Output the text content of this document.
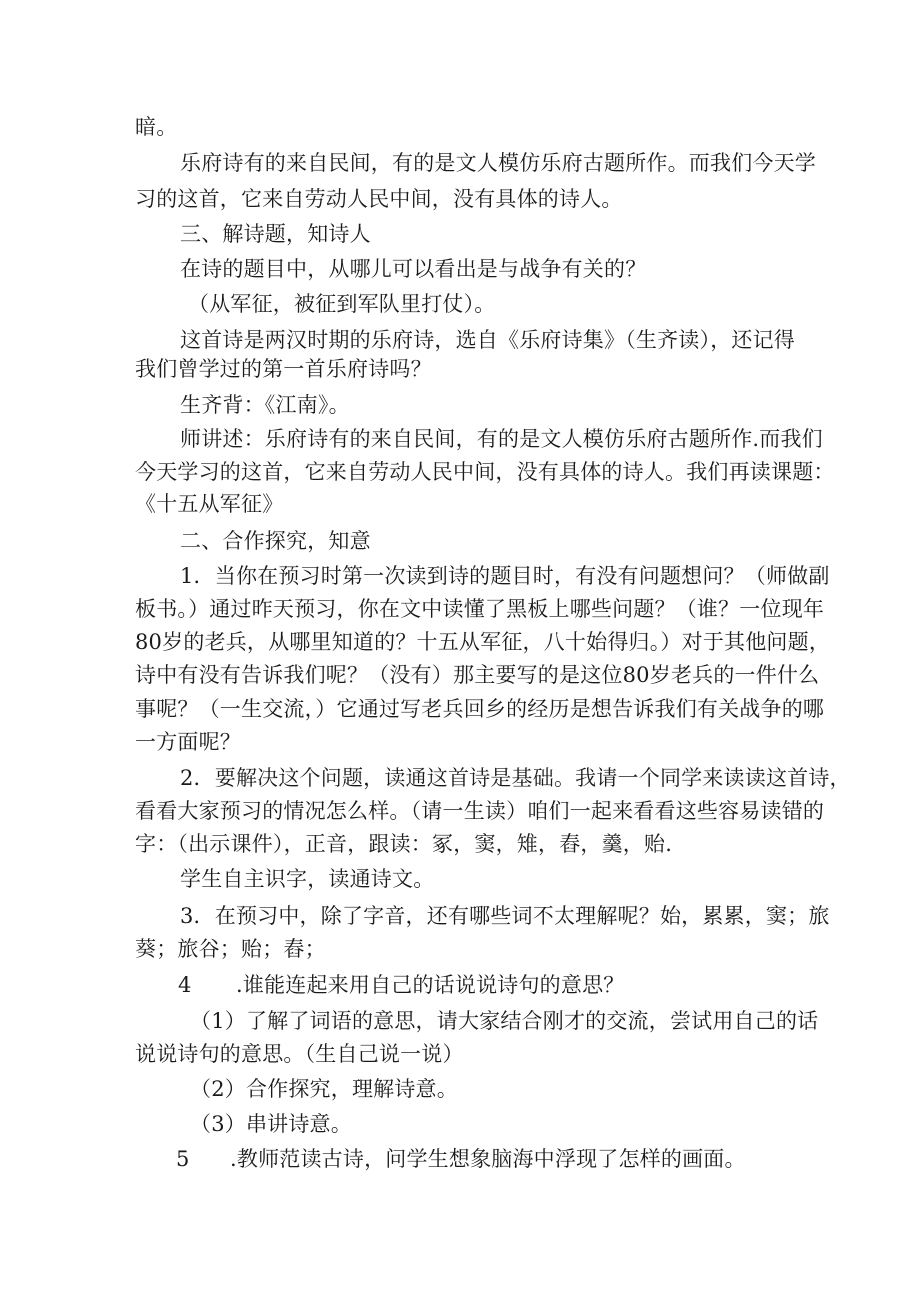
暗。
乐府诗有的来自民间，有的是文人模仿乐府古题所作。而我们今天学
习的这首，它来自劳动人民中间，没有具体的诗人。
三、解诗题，知诗人
在诗的题目中，从哪儿可以看出是与战争有关的？
（从军征，被征到军队里打仗）。
这首诗是两汉时期的乐府诗，选自《乐府诗集》（生齐读），还记得
我们曾学过的第一首乐府诗吗？
生齐背：《江南》。
师讲述：乐府诗有的来自民间，有的是文人模仿乐府古题所作.而我们
今天学习的这首，它来自劳动人民中间，没有具体的诗人。我们再读课题：
《十五从军征》
二、合作探究，知意
1．当你在预习时第一次读到诗的题目时，有没有问题想问？（师做副
板书。）通过昨天预习，你在文中读懂了黑板上哪些问题？（谁？一位现年
80岁的老兵，从哪里知道的？十五从军征，八十始得归。）对于其他问题，
诗中有没有告诉我们呢？（没有）那主要写的是这位80岁老兵的一件什么
事呢？（一生交流，）它通过写老兵回乡的经历是想告诉我们有关战争的哪
一方面呢？
2．要解决这个问题，读通这首诗是基础。我请一个同学来读读这首诗，
看看大家预习的情况怎么样。（请一生读）咱们一起来看看这些容易读错的
字：（出示课件），正音，跟读：冢，窦，雉，舂，羹，贻.
学生自主识字，读通诗文。
3．在预习中，除了字音，还有哪些词不太理解呢？始，累累，窦；旅
葵；旅谷；贻；舂；
4 .谁能连起来用自己的话说说诗句的意思？
（1）了解了词语的意思，请大家结合刚才的交流，尝试用自己的话
说说诗句的意思。（生自己说一说）
（2）合作探究，理解诗意。
（3）串讲诗意。
5 .教师范读古诗，问学生想象脑海中浮现了怎样的画面。
